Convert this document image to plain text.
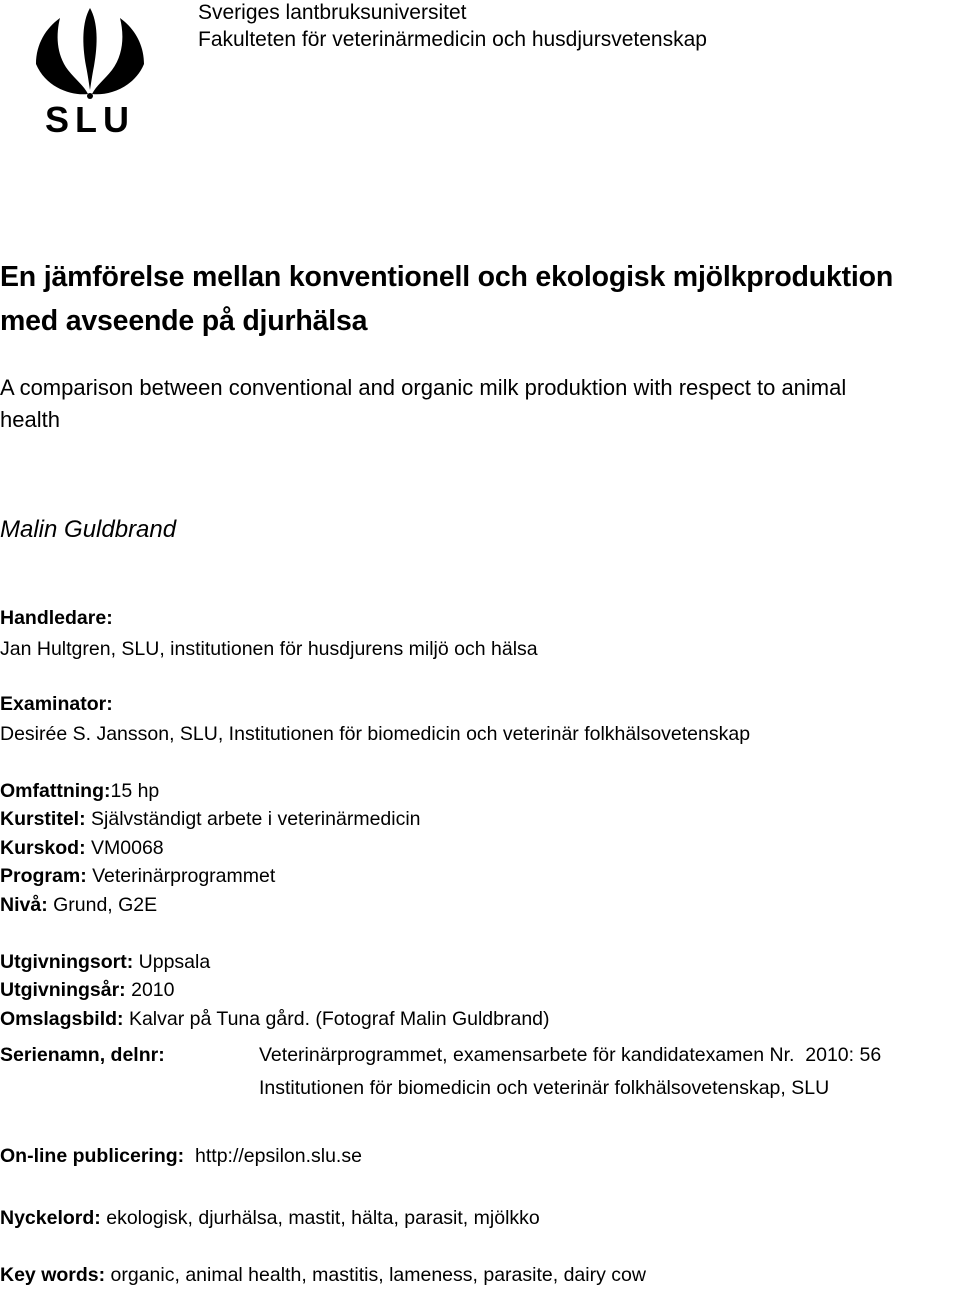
SLU
Sveriges lantbruksuniversitet
Fakulteten för veterinärmedicin och husdjursvetenskap
En jämförelse mellan konventionell och ekologisk mjölkproduktion
med avseende på djurhälsa
A comparison between conventional and organic milk produktion with respect to animal
health
Malin Guldbrand
Handledare:
Jan Hultgren, SLU, institutionen för husdjurens miljö och hälsa
Examinator:
Desirée S. Jansson, SLU, Institutionen för biomedicin och veterinär folkhälsovetenskap
Omfattning:15 hp
Kurstitel: Självständigt arbete i veterinärmedicin
Kurskod: VM0068
Program: Veterinärprogrammet
Nivå: Grund, G2E
Utgivningsort: Uppsala
Utgivningsår: 2010
Omslagsbild: Kalvar på Tuna gård. (Fotograf Malin Guldbrand)
Serienamn, delnr:	Veterinärprogrammet, examensarbete för kandidatexamen Nr.  2010: 56
Institutionen för biomedicin och veterinär folkhälsovetenskap, SLU
On-line publicering: http://epsilon.slu.se
Nyckelord: ekologisk, djurhälsa, mastit, hälta, parasit, mjölkko
Key words: organic, animal health, mastitis, lameness, parasite, dairy cow
